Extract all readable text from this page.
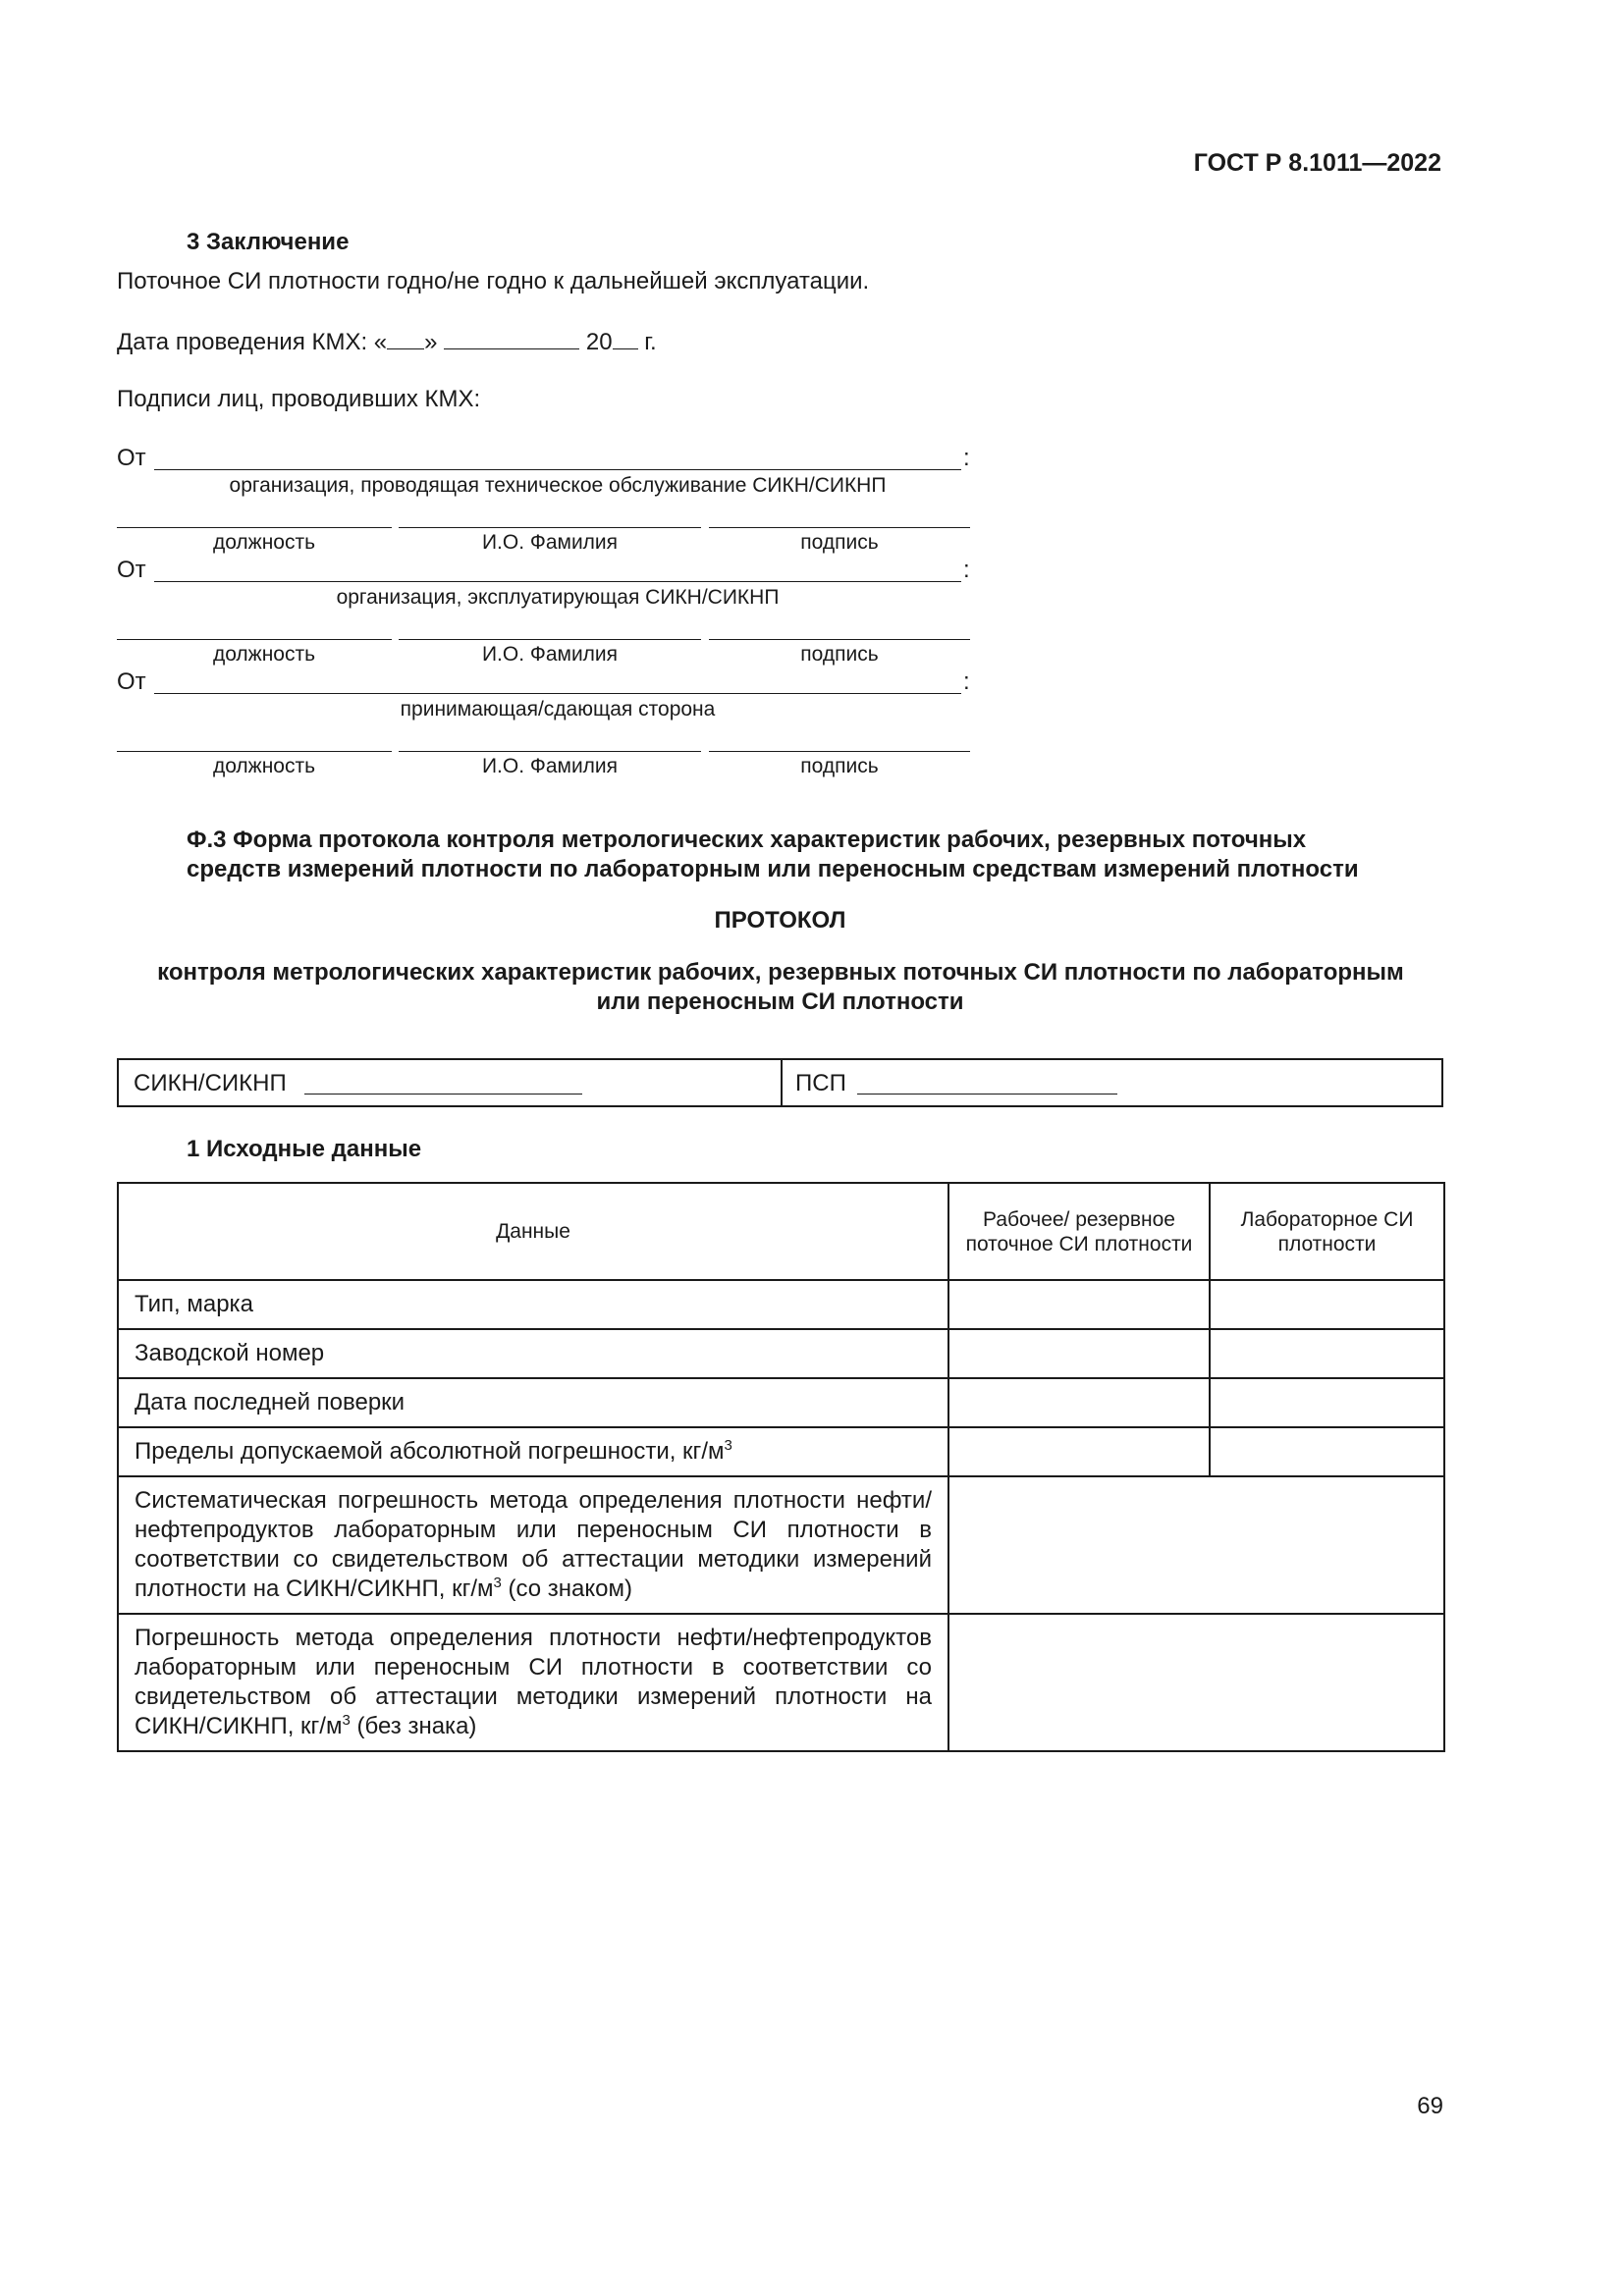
ГОСТ Р 8.1011—2022
3 Заключение
Поточное СИ плотности годно/не годно к дальнейшей эксплуатации.
Дата проведения КМХ: « »	20 г.
Подписи лиц, проводивших КМХ:
От	:
организация, проводящая техническое обслуживание СИКН/СИКНП
должность	И.О. Фамилия	подпись
От	:
организация, эксплуатирующая СИКН/СИКНП
должность	И.О. Фамилия	подпись
От	:
принимающая/сдающая сторона
должность	И.О. Фамилия	подпись
Ф.3 Форма протокола контроля метрологических характеристик рабочих, резервных поточных
средств измерений плотности по лабораторным или переносным средствам измерений плотности
ПРОТОКОЛ
контроля метрологических характеристик рабочих, резервных поточных СИ плотности по лабораторным
или переносным СИ плотности
СИКН/СИКНП	ПСП
1 Исходные данные
Данные	Рабочее/ резервное поточное СИ плотности	Лабораторное СИ плотности
Тип, марка		
Заводской номер		
Дата последней поверки		
Пределы допускаемой абсолютной погрешности, $кг/м^3$		
Систематическая погрешность метода определения плотности нефти/ нефтепродуктов лабораторным или переносным СИ плотности в соответствии со свидетельством об аттестации методики измерений плотности на СИКН/СИКНП, $кг/м^3$ (со знаком)		
Погрешность метода определения плотности нефти/нефтепродуктов лабораторным или переносным СИ плотности в соответствии со свидетельством об аттестации методики измерений плотности на СИКН/СИКНП, $кг/м^3$ (без знака)		
69
